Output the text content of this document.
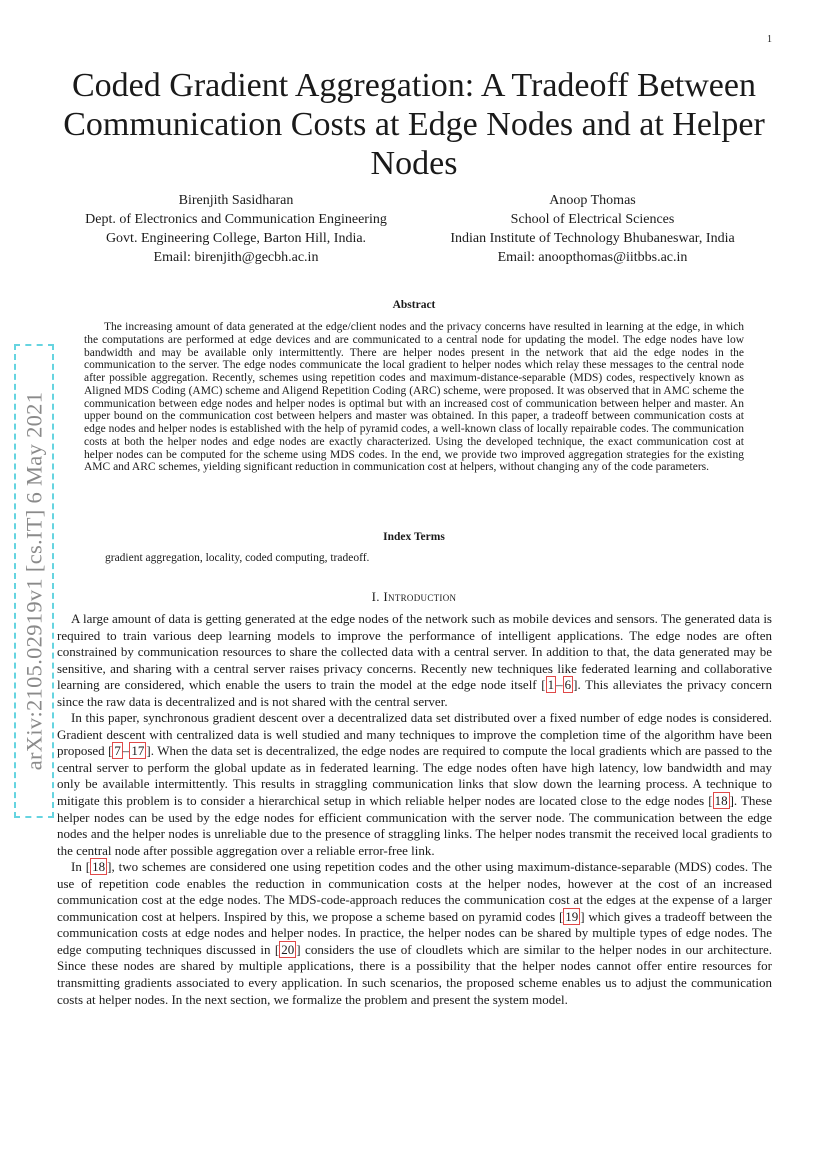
1
arXiv:2105.02919v1 [cs.IT] 6 May 2021
Coded Gradient Aggregation: A Tradeoff Between Communication Costs at Edge Nodes and at Helper Nodes
Birenjith Sasidharan
Dept. of Electronics and Communication Engineering
Govt. Engineering College, Barton Hill, India.
Email: birenjith@gecbh.ac.in
Anoop Thomas
School of Electrical Sciences
Indian Institute of Technology Bhubaneswar, India
Email: anoopthomas@iitbbs.ac.in
Abstract

The increasing amount of data generated at the edge/client nodes and the privacy concerns have resulted in learning at the edge, in which the computations are performed at edge devices and are communicated to a central node for updating the model. The edge nodes have low bandwidth and may be available only intermittently. There are helper nodes present in the network that aid the edge nodes in the communication to the server. The edge nodes communicate the local gradient to helper nodes which relay these messages to the central node after possible aggregation. Recently, schemes using repetition codes and maximum-distance-separable (MDS) codes, respectively known as Aligned MDS Coding (AMC) scheme and Aligend Repetition Coding (ARC) scheme, were proposed. It was observed that in AMC scheme the communication between edge nodes and helper nodes is optimal but with an increased cost of communication between helper and master. An upper bound on the communication cost between helpers and master was obtained. In this paper, a tradeoff between communication costs at edge nodes and helper nodes is established with the help of pyramid codes, a well-known class of locally repairable codes. The communication costs at both the helper nodes and edge nodes are exactly characterized. Using the developed technique, the exact communication cost at helper nodes can be computed for the scheme using MDS codes. In the end, we provide two improved aggregation strategies for the existing AMC and ARC schemes, yielding significant reduction in communication cost at helpers, without changing any of the code parameters.

Index Terms
gradient aggregation, locality, coded computing, tradeoff.
I. Introduction

A large amount of data is getting generated at the edge nodes of the network such as mobile devices and sensors. The generated data is required to train various deep learning models to improve the performance of intelligent applications. The edge nodes are often constrained by communication resources to share the collected data with a central server. In addition to that, the data generated may be sensitive, and sharing with a central server raises privacy concerns. Recently new techniques like federated learning and collaborative learning are considered, which enable the users to train the model at the edge node itself [ 1 – 6 ]. This alleviates the privacy concern since the raw data is decentralized and is not shared with the central server.

In this paper, synchronous gradient descent over a decentralized data set distributed over a fixed number of edge nodes is considered. Gradient descent with centralized data is well studied and many techniques to improve the completion time of the algorithm have been proposed [ 7 – 17 ]. When the data set is decentralized, the edge nodes are required to compute the local gradients which are passed to the central server to perform the global update as in federated learning. The edge nodes often have high latency, low bandwidth and may only be available intermittently. This results in straggling communication links that slow down the learning process. A technique to mitigate this problem is to consider a hierarchical setup in which reliable helper nodes are located close to the edge nodes [ 18 ]. These helper nodes can be used by the edge nodes for efficient communication with the server node. The communication between the edge nodes and the helper nodes is unreliable due to the presence of straggling links. The helper nodes transmit the received local gradients to the central node after possible aggregation over a reliable error-free link.

In [ 18 ], two schemes are considered one using repetition codes and the other using maximum-distance-separable (MDS) codes. The use of repetition code enables the reduction in communication costs at the helper nodes, however at the cost of an increased communication cost at the edge nodes. The MDS-code-approach reduces the communication cost at the edges at the expense of a larger communication cost at helpers. Inspired by this, we propose a scheme based on pyramid codes [ 19 ] which gives a tradeoff between the communication costs at edge nodes and helper nodes. In practice, the helper nodes can be shared by multiple types of edge nodes. The edge computing techniques discussed in [ 20 ] considers the use of cloudlets which are similar to the helper nodes in our architecture. Since these nodes are shared by multiple applications, there is a possibility that the helper nodes cannot offer entire resources for transmitting gradients associated to every application. In such scenarios, the proposed scheme enables us to adjust the communication costs at helper nodes. In the next section, we formalize the problem and present the system model.
